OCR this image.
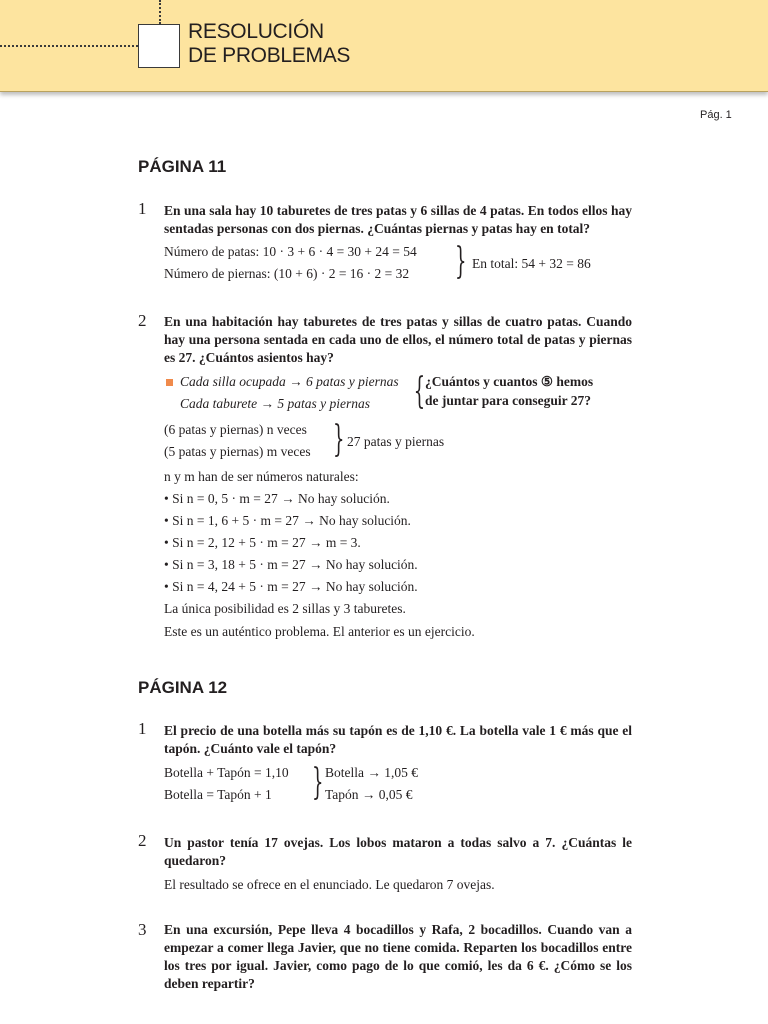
RESOLUCIÓN
DE PROBLEMAS
Pág. 1
PÁGINA 11
1 En una sala hay 10 taburetes de tres patas y 6 sillas de 4 patas. En todos ellos hay sentadas personas con dos piernas. ¿Cuántas piernas y patas hay en total?
Número de patas: 10 · 3 + 6 · 4 = 30 + 24 = 54
Número de piernas: (10 + 6) · 2 = 16 · 2 = 32 } En total: 54 + 32 = 86
2 En una habitación hay taburetes de tres patas y sillas de cuatro patas. Cuando hay una persona sentada en cada uno de ellos, el número total de patas y piernas es 27. ¿Cuántos asientos hay?
Cada silla ocupada → 6 patas y piernas
Cada taburete → 5 patas y piernas } ¿Cuántos y cuantos ⑤ hemos
de juntar para conseguir 27?
(6 patas y piernas) n veces
(5 patas y piernas) m veces } 27 patas y piernas
n y m han de ser números naturales:
• Si n = 0, 5 · m = 27 → No hay solución.
• Si n = 1, 6 + 5 · m = 27 → No hay solución.
• Si n = 2, 12 + 5 · m = 27 → m = 3.
• Si n = 3, 18 + 5 · m = 27 → No hay solución.
• Si n = 4, 24 + 5 · m = 27 → No hay solución.
La única posibilidad es 2 sillas y 3 taburetes.
Este es un auténtico problema. El anterior es un ejercicio.
PÁGINA 12
1 El precio de una botella más su tapón es de 1,10 €. La botella vale 1 € más que el tapón. ¿Cuánto vale el tapón?
Botella + Tapón = 1,10
Botella = Tapón + 1 } Botella → 1,05 €
Tapón → 0,05 €
2 Un pastor tenía 17 ovejas. Los lobos mataron a todas salvo a 7. ¿Cuántas le quedaron?
El resultado se ofrece en el enunciado. Le quedaron 7 ovejas.
3 En una excursión, Pepe lleva 4 bocadillos y Rafa, 2 bocadillos. Cuando van a empezar a comer llega Javier, que no tiene comida. Reparten los bocadillos entre los tres por igual. Javier, como pago de lo que comió, les da 6 €. ¿Cómo se los deben repartir?
